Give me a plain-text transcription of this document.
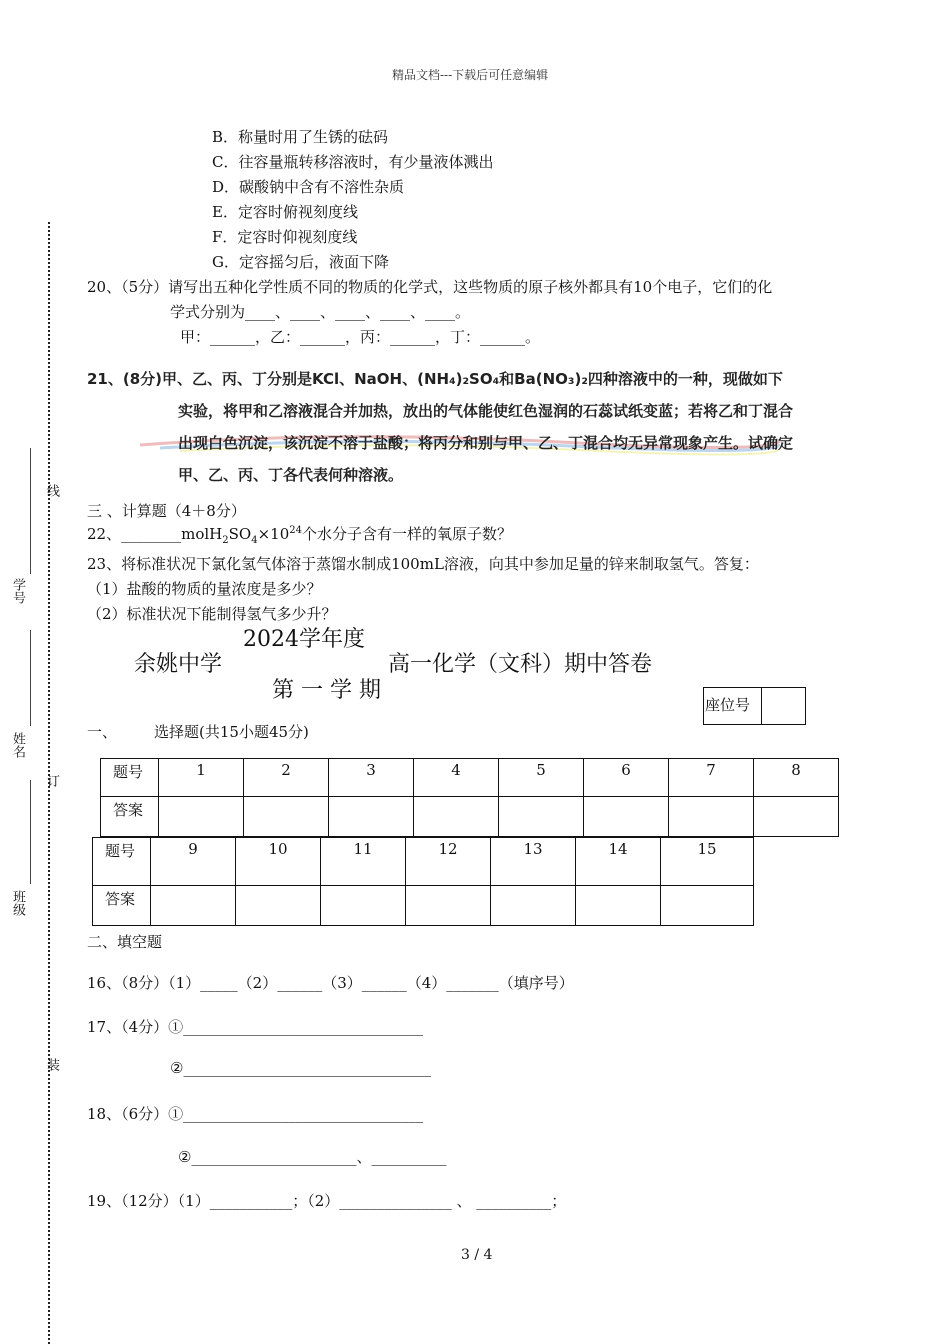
精品文档---下载后可任意编辑
线
订
装
学号
姓名
班级
B．称量时用了生锈的砝码
C．往容量瓶转移溶液时，有少量液体溅出
D．碳酸钠中含有不溶性杂质
E．定容时俯视刻度线
F．定容时仰视刻度线
G．定容摇匀后，液面下降
20、（5分）请写出五种化学性质不同的物质的化学式，这些物质的原子核外都具有10个电子，它们的化
学式分别为____、____、____、____、____。
甲：______，乙：______，丙：______，丁：______。
21、(8分)甲、乙、丙、丁分别是KCl、NaOH、(NH₄)₂SO₄和Ba(NO₃)₂四种溶液中的一种，现做如下
实验，将甲和乙溶液混合并加热，放出的气体能使红色湿润的石蕊试纸变蓝；若将乙和丁混合
出现白色沉淀，该沉淀不溶于盐酸；将丙分和别与甲、乙、丁混合均无异常现象产生。试确定
甲、乙、丙、丁各代表何种溶液。
三 、计算题（4＋8分）
22、$\_\_\_\_\_\_\_\_molH_2SO_4\times 10^{24}$个水分子含有一样的氧原子数？
23、将标准状况下氯化氢气体溶于蒸馏水制成100mL溶液，向其中参加足量的锌来制取氢气。答复：
（1）盐酸的物质的量浓度是多少？
（2）标准状况下能制得氢气多少升？
2024学年度
余姚中学	高一化学（文科）期中答卷
第 一 学 期
座位号
一、 选择题(共15小题45分)
题号	1	2	3	4	5	6	7	8
答案								
题号	9	10	11	12	13	14	15
答案							
二、填空题
16、（8分）（1）_____（2）______（3）______（4）_______（填序号）
17、（4分）①________________________________
②_________________________________
18、（6分）①________________________________
②______________________、__________
19、（12分）（1）___________；（2）_______________ 、 __________；
3 / 4
